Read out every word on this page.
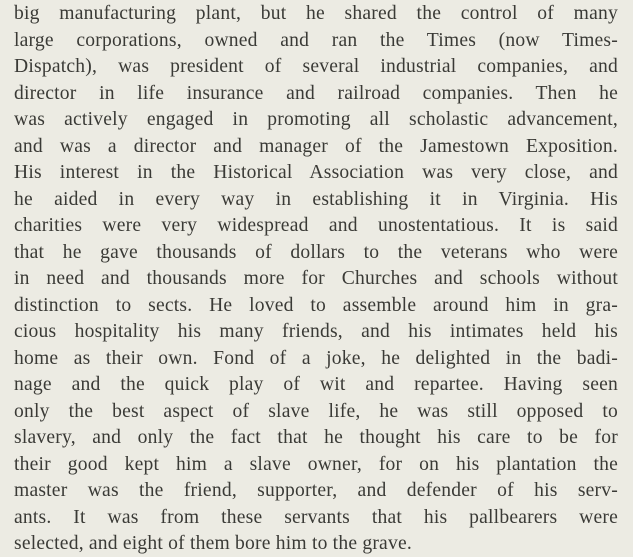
big manufacturing plant, but he shared the control of many
large corporations, owned and ran the Times (now Times-
Dispatch), was president of several industrial companies, and
director in life insurance and railroad companies. Then he
was actively engaged in promoting all scholastic advancement,
and was a director and manager of the Jamestown Exposition.
His interest in the Historical Association was very close, and
he aided in every way in establishing it in Virginia. His
charities were very widespread and unostentatious. It is said
that he gave thousands of dollars to the veterans who were
in need and thousands more for Churches and schools without
distinction to sects. He loved to assemble around him in gra-
cious hospitality his many friends, and his intimates held his
home as their own. Fond of a joke, he delighted in the badi-
nage and the quick play of wit and repartee. Having seen
only the best aspect of slave life, he was still opposed to
slavery, and only the fact that he thought his care to be for
their good kept him a slave owner, for on his plantation the
master was the friend, supporter, and defender of his serv-
ants. It was from these servants that his pallbearers were
selected, and eight of them bore him to the grave.
